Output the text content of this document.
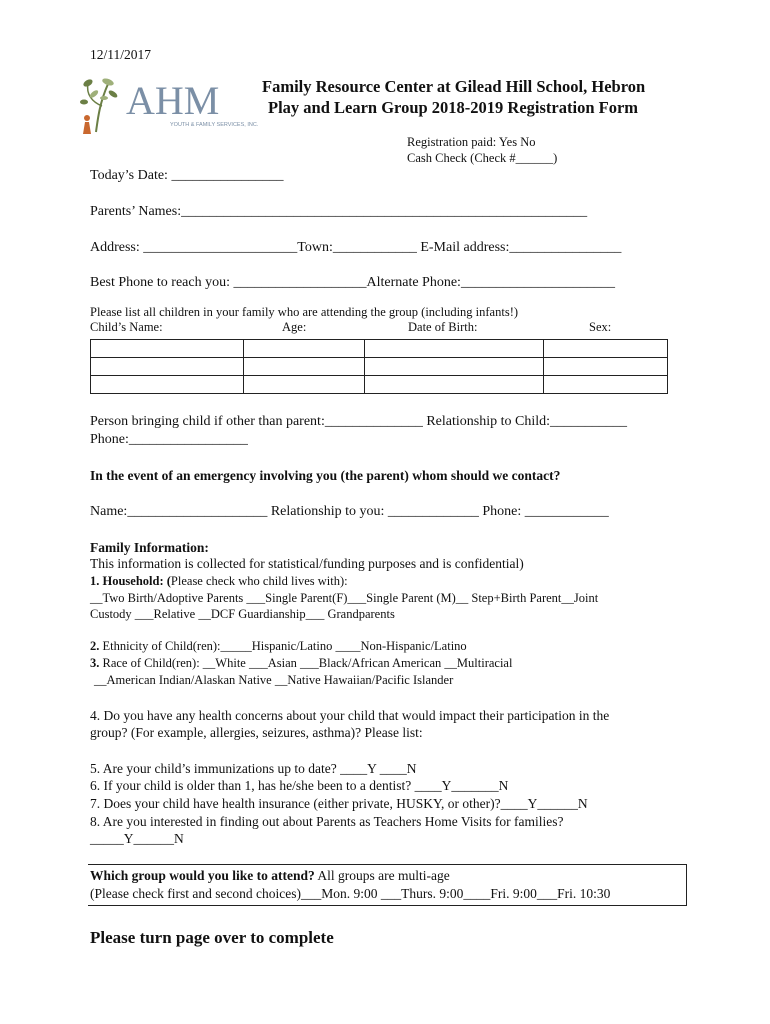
12/11/2017
AHM
YOUTH & FAMILY SERVICES, INC.
Family Resource Center at Gilead Hill School, Hebron
Play and Learn Group 2018-2019 Registration Form
Registration paid: Yes No
Cash Check (Check #______)
Today’s Date: ________________
Parents’ Names:__________________________________________________________
Address: ______________________Town:____________ E-Mail address:________________
Best Phone to reach you: ___________________Alternate Phone:______________________
Please list all children in your family who are attending the group (including infants!)
Child’s Name:	Age:	Date of Birth:	Sex:

Person bringing child if other than parent:______________ Relationship to Child:___________
Phone:_________________
In the event of an emergency involving you (the parent) whom should we contact?
Name:____________________ Relationship to you: _____________ Phone: ____________
Family Information:
This information is collected for statistical/funding purposes and is confidential)
1. Household: (Please check who child lives with):
__Two Birth/Adoptive Parents ___Single Parent(F)___Single Parent (M)__ Step+Birth Parent__Joint
Custody ___Relative __DCF Guardianship___ Grandparents
2. Ethnicity of Child(ren):_____Hispanic/Latino ____Non-Hispanic/Latino
3. Race of Child(ren): __White ___Asian ___Black/African American __Multiracial
__American Indian/Alaskan Native __Native Hawaiian/Pacific Islander
4. Do you have any health concerns about your child that would impact their participation in the
group? (For example, allergies, seizures, asthma)? Please list:
5. Are your child’s immunizations up to date? ____Y ____N
6. If your child is older than 1, has he/she been to a dentist? ____Y_______N
7. Does your child have health insurance (either private, HUSKY, or other)?____Y______N
8. Are you interested in finding out about Parents as Teachers Home Visits for families?
_____Y______N
Which group would you like to attend? All groups are multi-age
(Please check first and second choices)___Mon. 9:00 ___Thurs. 9:00____Fri. 9:00___Fri. 10:30
Please turn page over to complete
